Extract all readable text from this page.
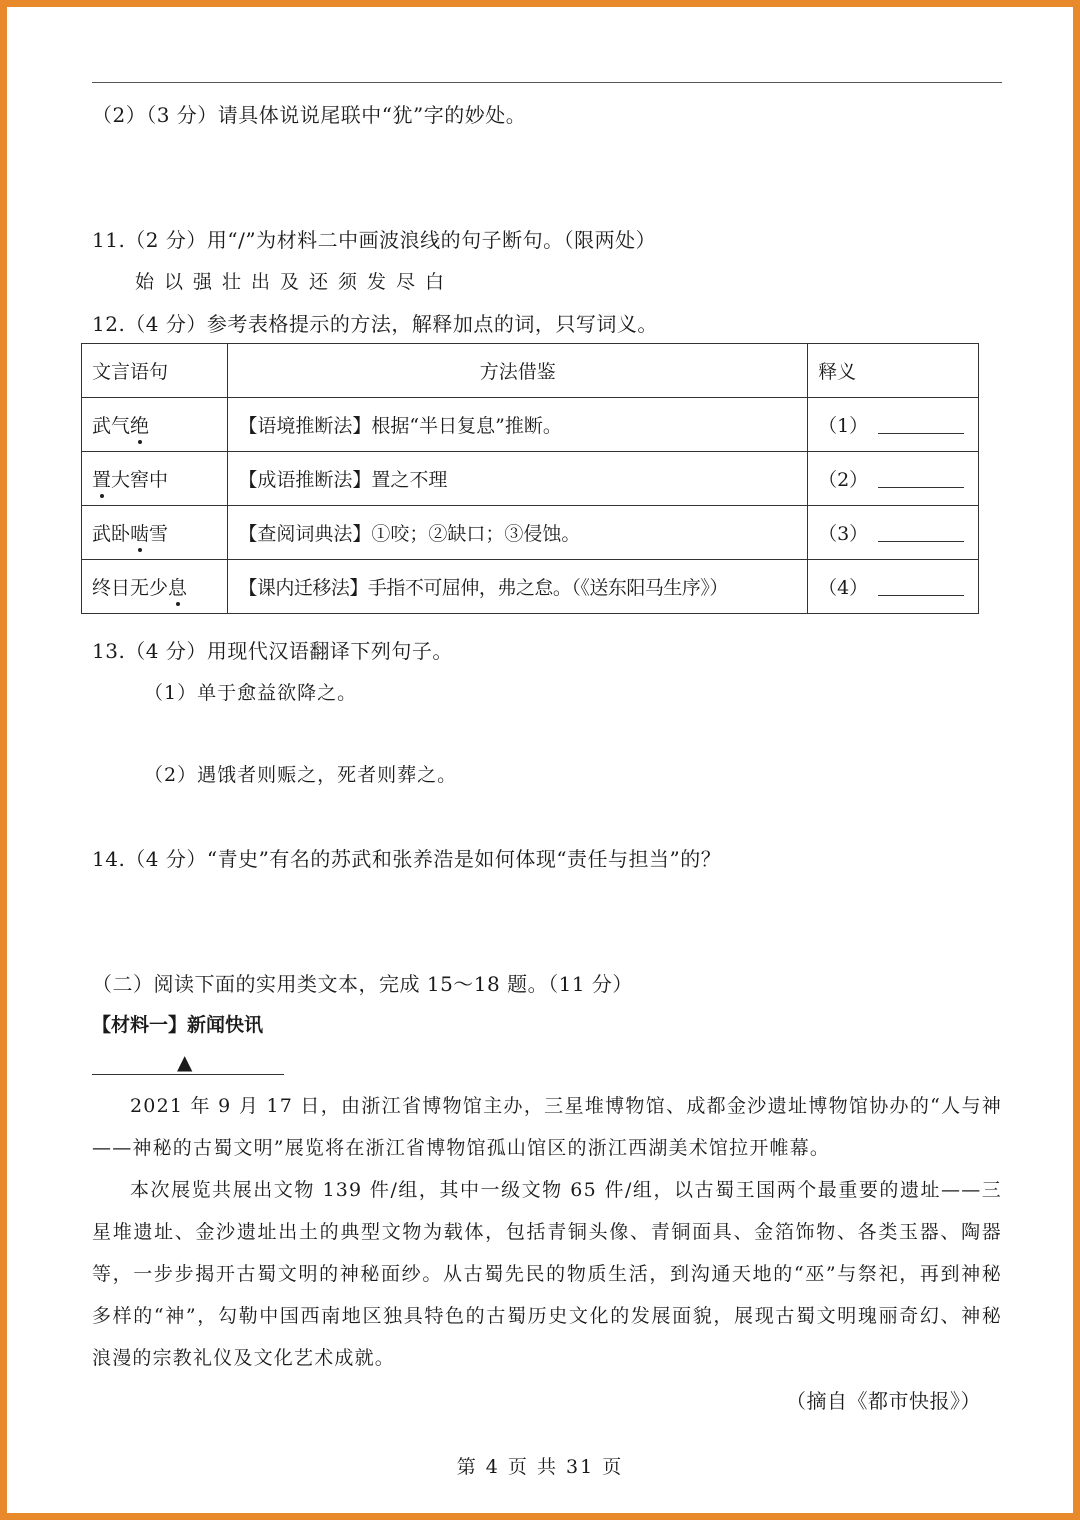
（2）（3 分）请具体说说尾联中“犹”字的妙处。
11.（2 分）用“/”为材料二中画波浪线的句子断句。（限两处）
始以强壮出及还须发尽白
12.（4 分）参考表格提示的方法，解释加点的词，只写词义。
文言语句	方法借鉴	释义
武气绝	【语境推断法】根据“半日复息”推断。	（1）
置大窖中	【成语推断法】置之不理	（2）
武卧啮雪	【查阅词典法】①咬；②缺口；③侵蚀。	（3）
终日无少息	【课内迁移法】手指不可屈伸，弗之怠。（《送东阳马生序》）	（4）
13.（4 分）用现代汉语翻译下列句子。
（1）单于愈益欲降之。
（2）遇饿者则赈之，死者则葬之。
14.（4 分）“青史”有名的苏武和张养浩是如何体现“责任与担当”的？
（二）阅读下面的实用类文本，完成 15～18 题。（11 分）
【材料一】新闻快讯
▲

2021 年 9 月 17 日，由浙江省博物馆主办，三星堆博物馆、成都金沙遗址博物馆协办的“人与神——神秘的古蜀文明”展览将在浙江省博物馆孤山馆区的浙江西湖美术馆拉开帷幕。

本次展览共展出文物 139 件/组，其中一级文物 65 件/组，以古蜀王国两个最重要的遗址——三星堆遗址、金沙遗址出土的典型文物为载体，包括青铜头像、青铜面具、金箔饰物、各类玉器、陶器等，一步步揭开古蜀文明的神秘面纱。从古蜀先民的物质生活，到沟通天地的“巫”与祭祀，再到神秘多样的“神”，勾勒中国西南地区独具特色的古蜀历史文化的发展面貌，展现古蜀文明瑰丽奇幻、神秘浪漫的宗教礼仪及文化艺术成就。

（摘自《都市快报》）
第 4 页 共 31 页
